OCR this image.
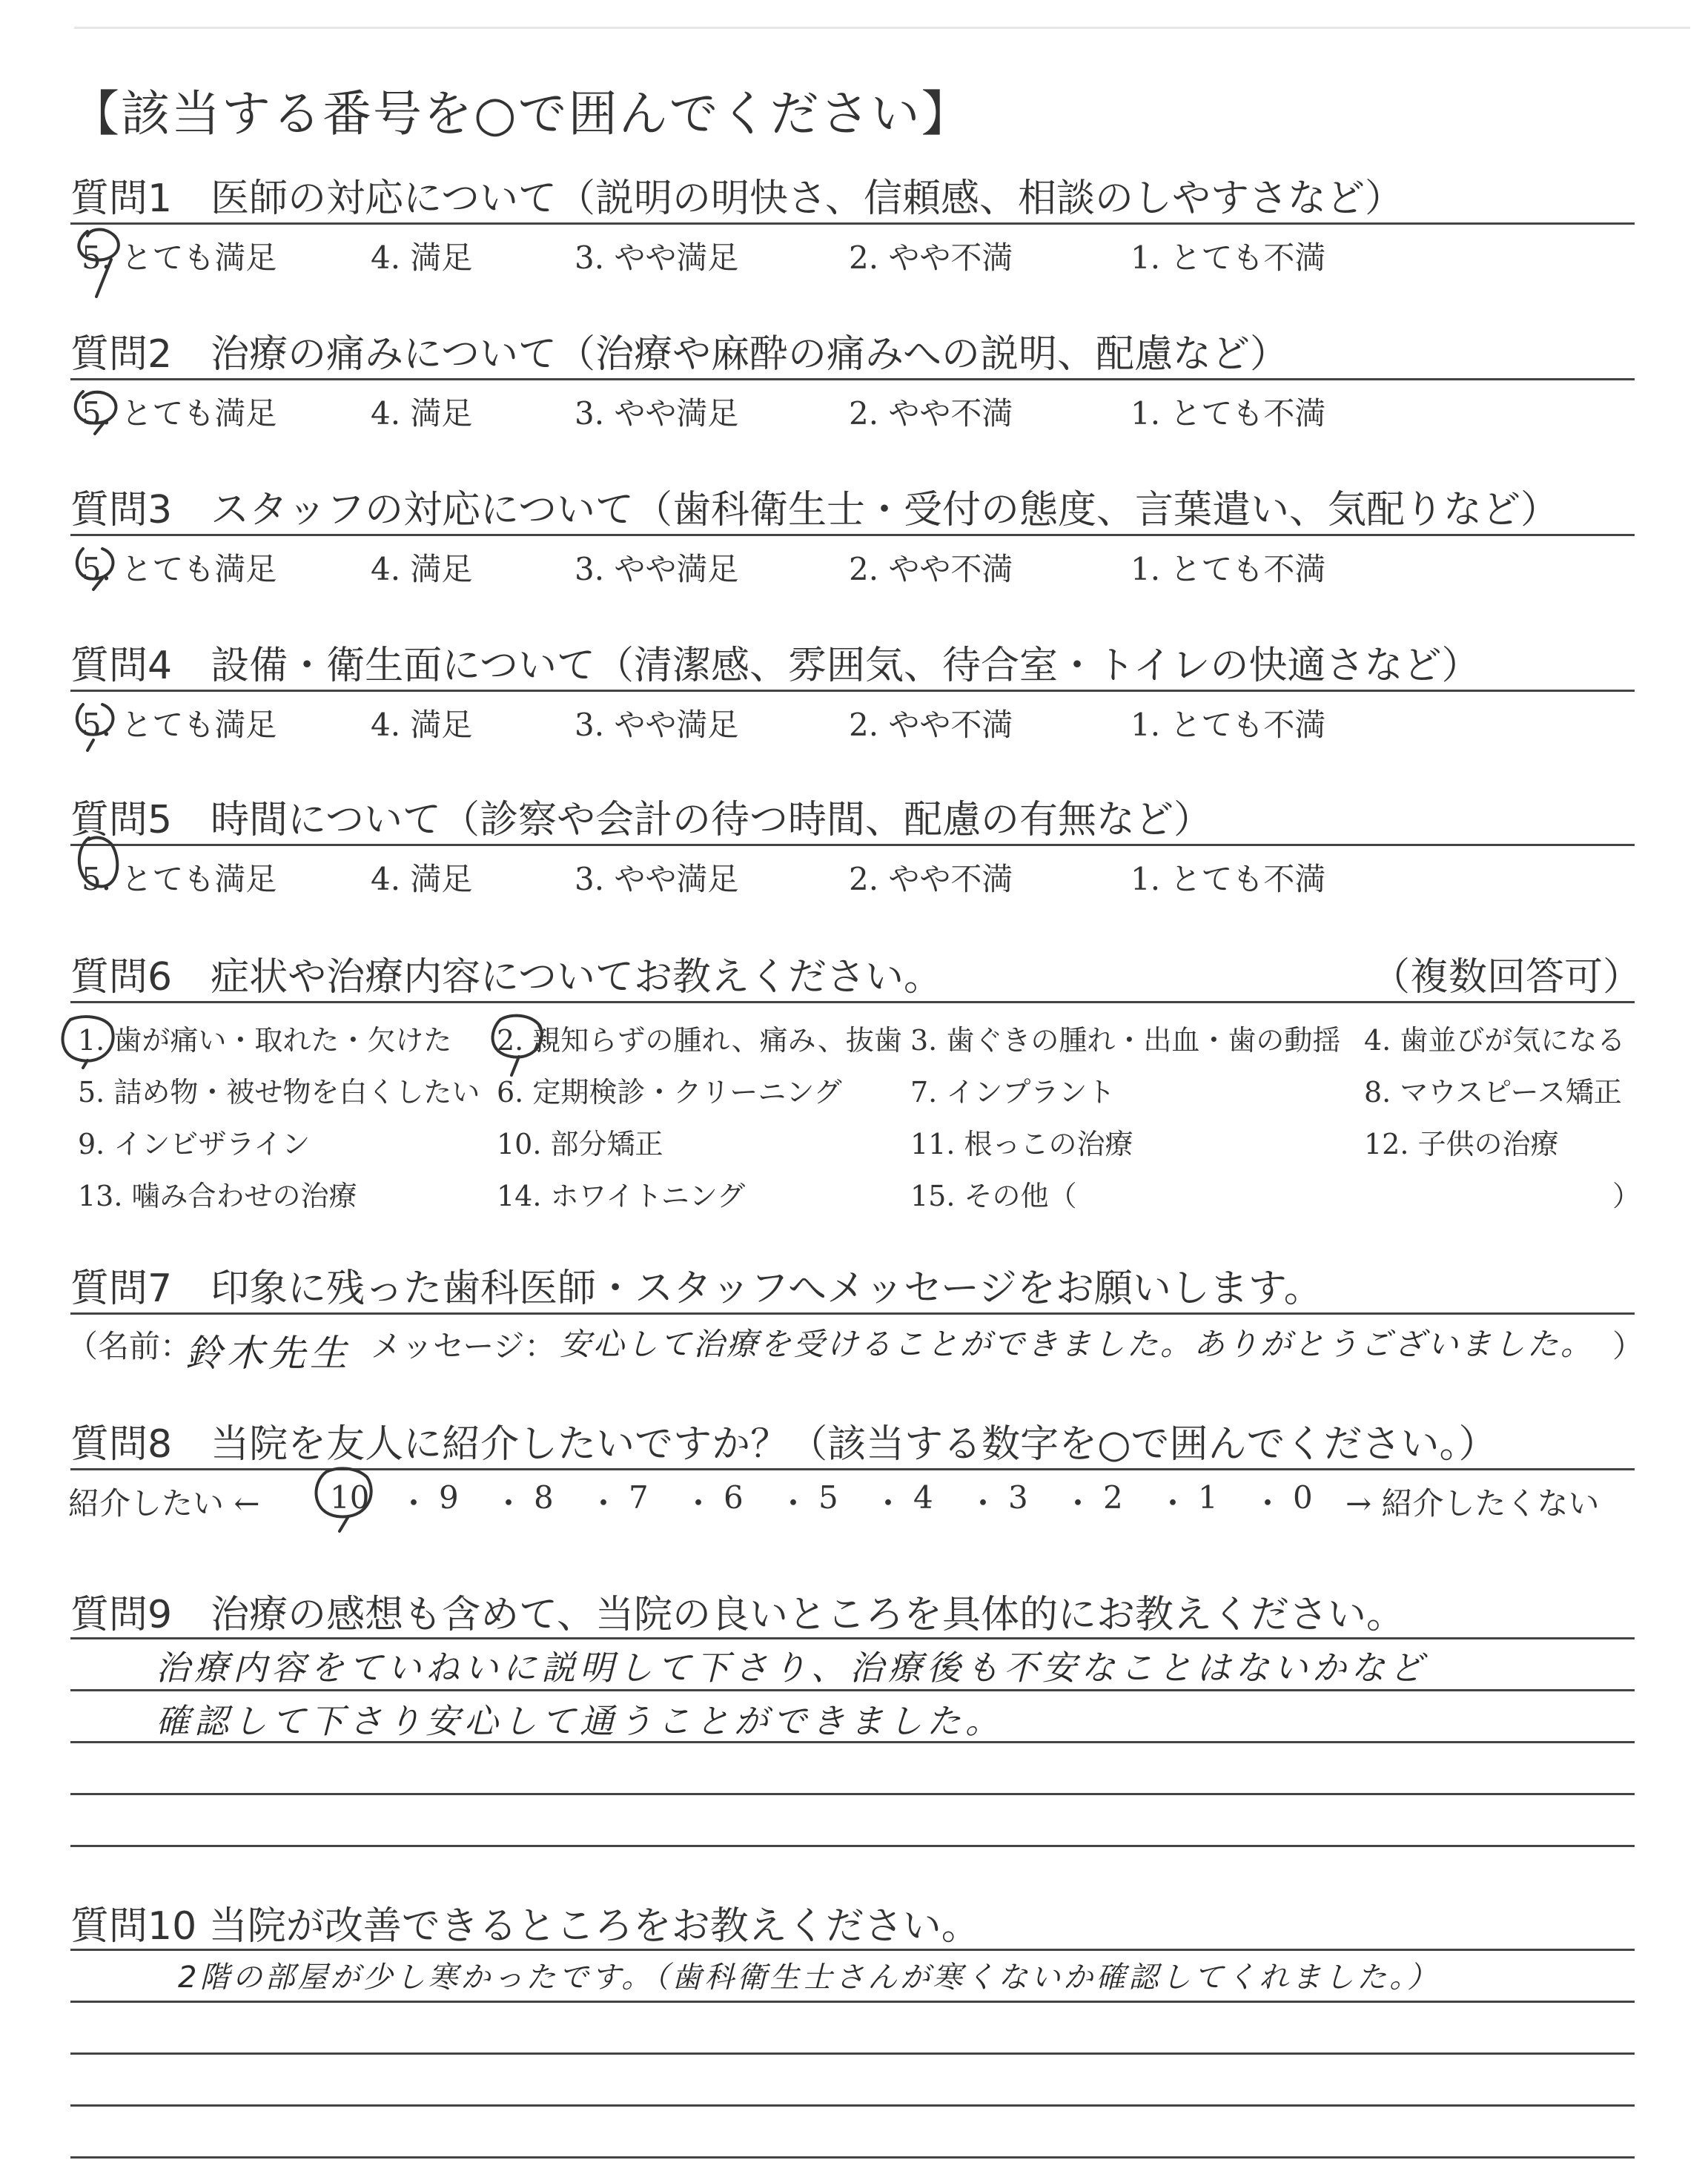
【該当する番号を○で囲んでください】
質問1　医師の対応について（説明の明快さ、信頼感、相談のしやすさなど）
5. とても満足	4. 満足	3. やや満足	2. やや不満	1. とても不満
質問2　治療の痛みについて（治療や麻酔の痛みへの説明、配慮など）
5. とても満足	4. 満足	3. やや満足	2. やや不満	1. とても不満
質問3　スタッフの対応について（歯科衛生士・受付の態度、言葉遣い、気配りなど）
5. とても満足	4. 満足	3. やや満足	2. やや不満	1. とても不満
質問4　設備・衛生面について（清潔感、雰囲気、待合室・トイレの快適さなど）
5. とても満足	4. 満足	3. やや満足	2. やや不満	1. とても不満
質問5　時間について（診察や会計の待つ時間、配慮の有無など）
5. とても満足	4. 満足	3. やや満足	2. やや不満	1. とても不満
質問6　症状や治療内容についてお教えください。	（複数回答可）
1. 歯が痛い・取れた・欠けた 2. 親知らずの腫れ、痛み、抜歯 3. 歯ぐきの腫れ・出血・歯の動揺 4. 歯並びが気になる
5. 詰め物・被せ物を白くしたい 6. 定期検診・クリーニング 7. インプラント	8. マウスピース矯正
9. インビザライン	10. 部分矯正	11. 根っこの治療	12. 子供の治療
13. 噛み合わせの治療	14. ホワイトニング	15. その他（	）
質問7　印象に残った歯科医師・スタッフへメッセージをお願いします。
（名前：
鈴木先生 メッセージ： 安心して治療を受けることができました。ありがとうございました。 ）
質問8　当院を友人に紹介したいですか？（該当する数字を○で囲んでください。）
紹介したい ← 10 ・ 9 ・ 8 ・ 7 ・ 6 ・ 5 ・ 4 ・ 3 ・ 2 ・ 1 ・ 0 → 紹介したくない
質問9　治療の感想も含めて、当院の良いところを具体的にお教えください。
治療内容をていねいに説明して下さり、治療後も不安なことはないかなど
確認して下さり安心して通うことができました。
質問10 当院が改善できるところをお教えください。
2階の部屋が少し寒かったです。（歯科衛生士さんが寒くないか確認してくれました。）
